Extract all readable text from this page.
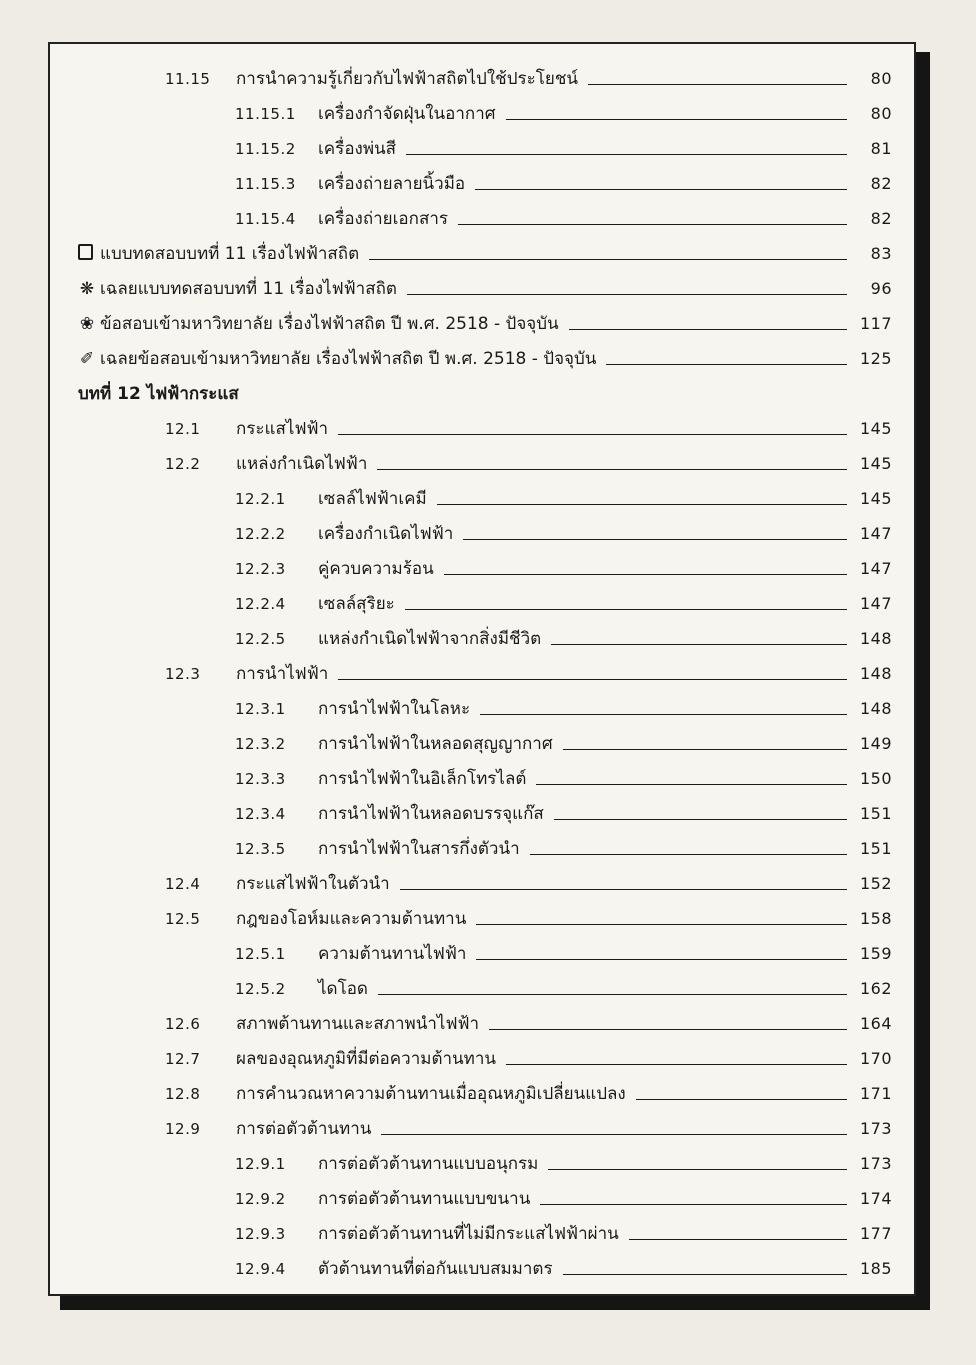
11.15 การนำความรู้เกี่ยวกับไฟฟ้าสถิตไปใช้ประโยชน์	80
11.15.1 เครื่องกำจัดฝุ่นในอากาศ	80
11.15.2 เครื่องพ่นสี	81
11.15.3 เครื่องถ่ายลายนิ้วมือ	82
11.15.4 เครื่องถ่ายเอกสาร	82
แบบทดสอบบทที่ 11 เรื่องไฟฟ้าสถิต	83
❋ เฉลยแบบทดสอบบทที่ 11 เรื่องไฟฟ้าสถิต	96
❀ ข้อสอบเข้ามหาวิทยาลัย เรื่องไฟฟ้าสถิต ปี พ.ศ. 2518 - ปัจจุบัน	117
✐ เฉลยข้อสอบเข้ามหาวิทยาลัย เรื่องไฟฟ้าสถิต ปี พ.ศ. 2518 - ปัจจุบัน	125
บทที่ 12 ไฟฟ้ากระแส
12.1 กระแสไฟฟ้า	145
12.2 แหล่งกำเนิดไฟฟ้า	145
12.2.1 เซลล์ไฟฟ้าเคมี	145
12.2.2 เครื่องกำเนิดไฟฟ้า	147
12.2.3 คู่ควบความร้อน	147
12.2.4 เซลล์สุริยะ	147
12.2.5 แหล่งกำเนิดไฟฟ้าจากสิ่งมีชีวิต	148
12.3 การนำไฟฟ้า	148
12.3.1 การนำไฟฟ้าในโลหะ	148
12.3.2 การนำไฟฟ้าในหลอดสุญญากาศ	149
12.3.3 การนำไฟฟ้าในอิเล็กโทรไลต์	150
12.3.4 การนำไฟฟ้าในหลอดบรรจุแก๊ส	151
12.3.5 การนำไฟฟ้าในสารกึ่งตัวนำ	151
12.4 กระแสไฟฟ้าในตัวนำ	152
12.5 กฎของโอห์มและความต้านทาน	158
12.5.1 ความต้านทานไฟฟ้า	159
12.5.2 ไดโอด	162
12.6 สภาพต้านทานและสภาพนำไฟฟ้า	164
12.7 ผลของอุณหภูมิที่มีต่อความต้านทาน	170
12.8 การคำนวณหาความต้านทานเมื่ออุณหภูมิเปลี่ยนแปลง	171
12.9 การต่อตัวต้านทาน	173
12.9.1 การต่อตัวต้านทานแบบอนุกรม	173
12.9.2 การต่อตัวต้านทานแบบขนาน	174
12.9.3 การต่อตัวต้านทานที่ไม่มีกระแสไฟฟ้าผ่าน	177
12.9.4 ตัวต้านทานที่ต่อกันแบบสมมาตร	185
